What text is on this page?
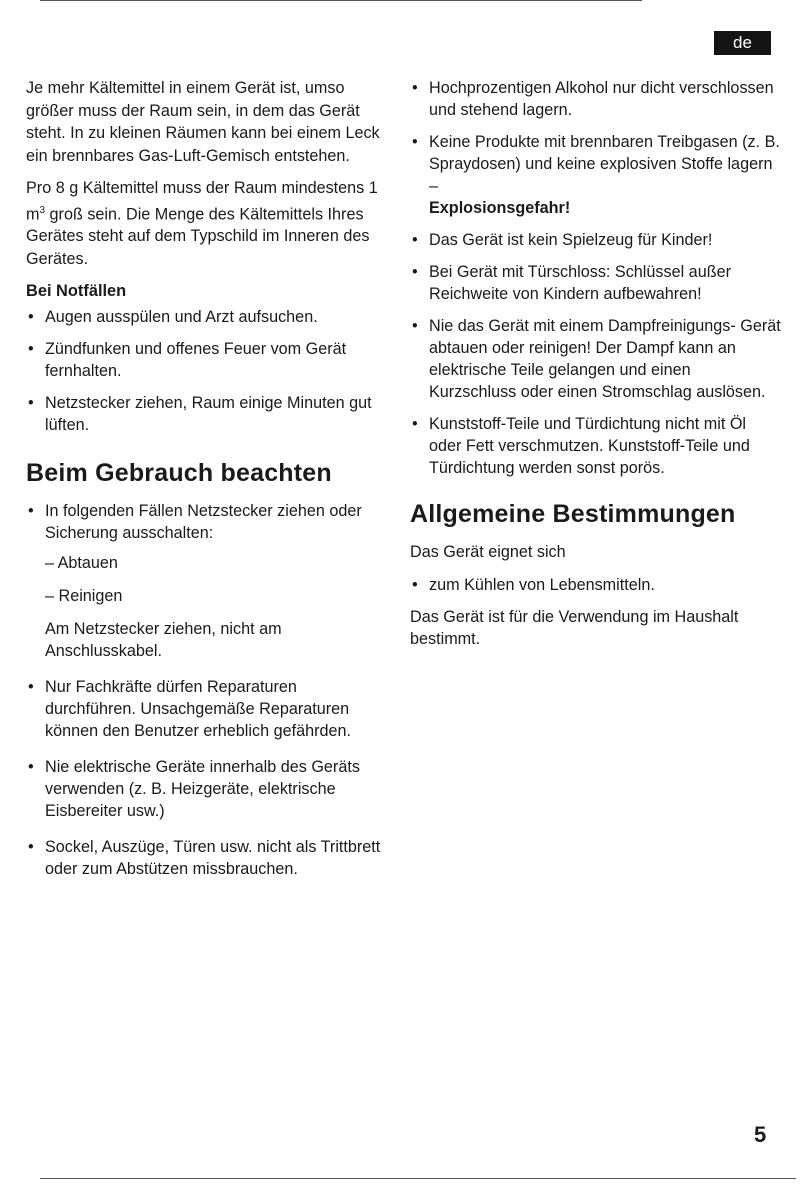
de

Je mehr Kältemittel in einem Gerät ist, umso größer muss der Raum sein, in dem das Gerät steht. In zu kleinen Räumen kann bei einem Leck ein brennbares Gas-Luft-Gemisch entstehen.

Pro 8 g Kältemittel muss der Raum mindestens 1 $m^3$ groß sein. Die Menge des Kältemittels Ihres Gerätes steht auf dem Typschild im Inneren des Gerätes.

Bei Notfällen
• Augen ausspülen und Arzt aufsuchen.
• Zündfunken und offenes Feuer vom Gerät fernhalten.
• Netzstecker ziehen, Raum einige Minuten gut lüften.
Beim Gebrauch beachten
• In folgenden Fällen Netzstecker ziehen oder Sicherung ausschalten:
– Abtauen
– Reinigen
Am Netzstecker ziehen, nicht am Anschlusskabel.
• Nur Fachkräfte dürfen Reparaturen durchführen. Unsachgemäße Reparaturen können den Benutzer erheblich gefährden.
• Nie elektrische Geräte innerhalb des Geräts verwenden (z. B. Heizgeräte, elektrische Eisbereiter usw.)
• Sockel, Auszüge, Türen usw. nicht als Trittbrett oder zum Abstützen missbrauchen.
• Hochprozentigen Alkohol nur dicht verschlossen und stehend lagern.
• Keine Produkte mit brennbaren Treibgasen (z. B. Spraydosen) und keine explosiven Stoffe lagern –
Explosionsgefahr!
• Das Gerät ist kein Spielzeug für Kinder!
• Bei Gerät mit Türschloss: Schlüssel außer Reichweite von Kindern aufbewahren!
• Nie das Gerät mit einem Dampfreinigungs- Gerät abtauen oder reinigen! Der Dampf kann an elektrische Teile gelangen und einen Kurzschluss oder einen Stromschlag auslösen.
• Kunststoff-Teile und Türdichtung nicht mit Öl oder Fett verschmutzen. Kunststoff-Teile und Türdichtung werden sonst porös.
Allgemeine Bestimmungen

Das Gerät eignet sich

• zum Kühlen von Lebensmitteln.

Das Gerät ist für die Verwendung im Haushalt bestimmt.

5
